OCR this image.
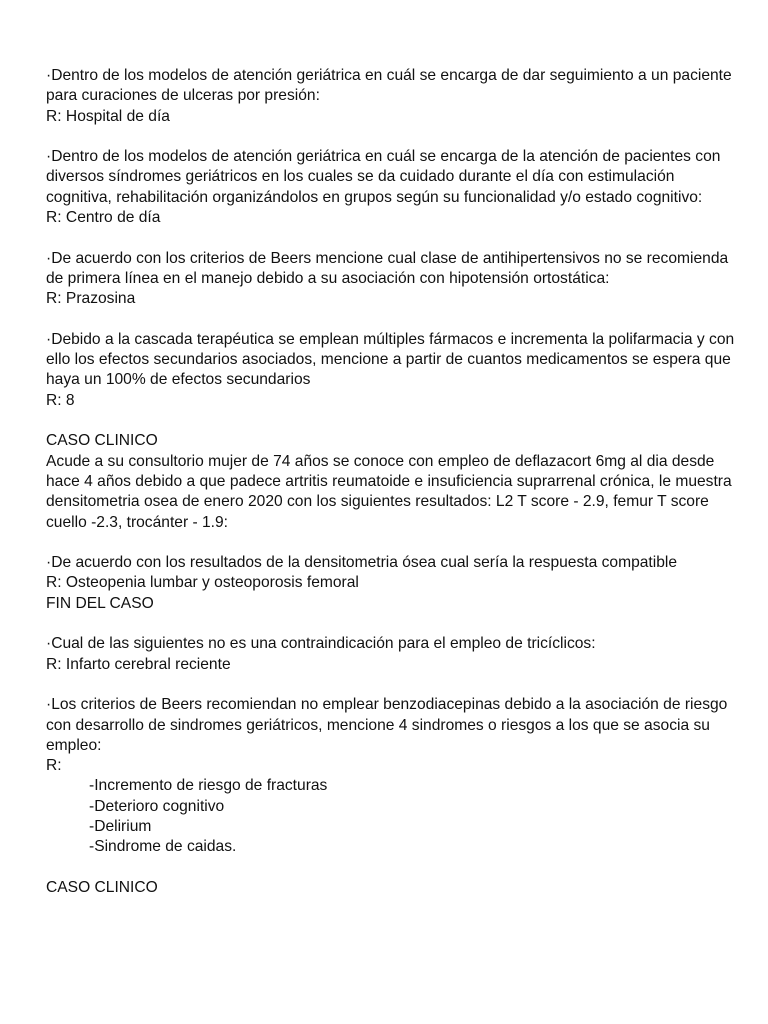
·Dentro de los modelos de atención geriátrica en cuál se encarga de dar seguimiento a un paciente para curaciones de ulceras por presión:
R: Hospital de día
·Dentro de los modelos de atención geriátrica en cuál se encarga de la atención de pacientes con diversos síndromes geriátricos en los cuales se da cuidado durante el día con estimulación cognitiva, rehabilitación organizándolos en grupos según su funcionalidad y/o estado cognitivo:
R: Centro de día
·De acuerdo con los criterios de Beers mencione cual clase de antihipertensivos no se recomienda de primera línea en el manejo debido a su asociación con hipotensión ortostática:
R: Prazosina
·Debido a la cascada terapéutica se emplean múltiples fármacos e incrementa la polifarmacia y con ello los efectos secundarios asociados, mencione a partir de cuantos medicamentos se espera que haya un 100% de efectos secundarios
R: 8
CASO CLINICO
Acude a su consultorio mujer de 74 años se conoce con empleo de deflazacort 6mg al dia desde hace 4 años debido a que padece artritis reumatoide e insuficiencia suprarrenal crónica, le muestra densitometria osea de enero 2020 con los siguientes resultados: L2 T score - 2.9, femur T score cuello -2.3, trocánter - 1.9:
·De acuerdo con los resultados de la densitometria ósea cual sería la respuesta compatible
R: Osteopenia lumbar y osteoporosis femoral
FIN DEL CASO
·Cual de las siguientes no es una contraindicación para el empleo de tricíclicos:
R: Infarto cerebral reciente
·Los criterios de Beers recomiendan no emplear benzodiacepinas debido a la asociación de riesgo con desarrollo de sindromes geriátricos, mencione 4 sindromes o riesgos a los que se asocia su empleo:
R:
-Incremento de riesgo de fracturas
-Deterioro cognitivo
-Delirium
-Sindrome de caidas.
CASO CLINICO
